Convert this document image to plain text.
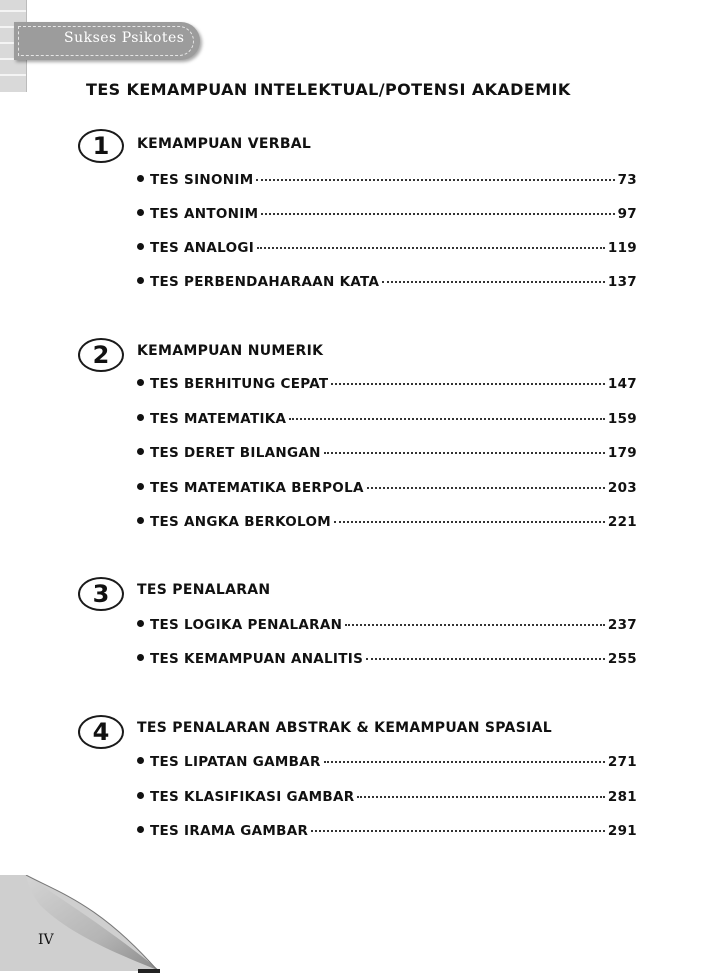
Sukses Psikotes
TES KEMAMPUAN INTELEKTUAL/POTENSI AKADEMIK
1	KEMAMPUAN VERBAL
TES SINONIM	73
TES ANTONIM	97
TES ANALOGI	119
TES PERBENDAHARAAN KATA	137
2	KEMAMPUAN NUMERIK
TES BERHITUNG CEPAT	147
TES MATEMATIKA	159
TES DERET BILANGAN	179
TES MATEMATIKA BERPOLA	203
TES ANGKA BERKOLOM	221
3	TES PENALARAN
TES LOGIKA PENALARAN	237
TES KEMAMPUAN ANALITIS	255
4	TES PENALARAN ABSTRAK & KEMAMPUAN SPASIAL
TES LIPATAN GAMBAR	271
TES KLASIFIKASI GAMBAR	281
TES IRAMA GAMBAR	291
IV
